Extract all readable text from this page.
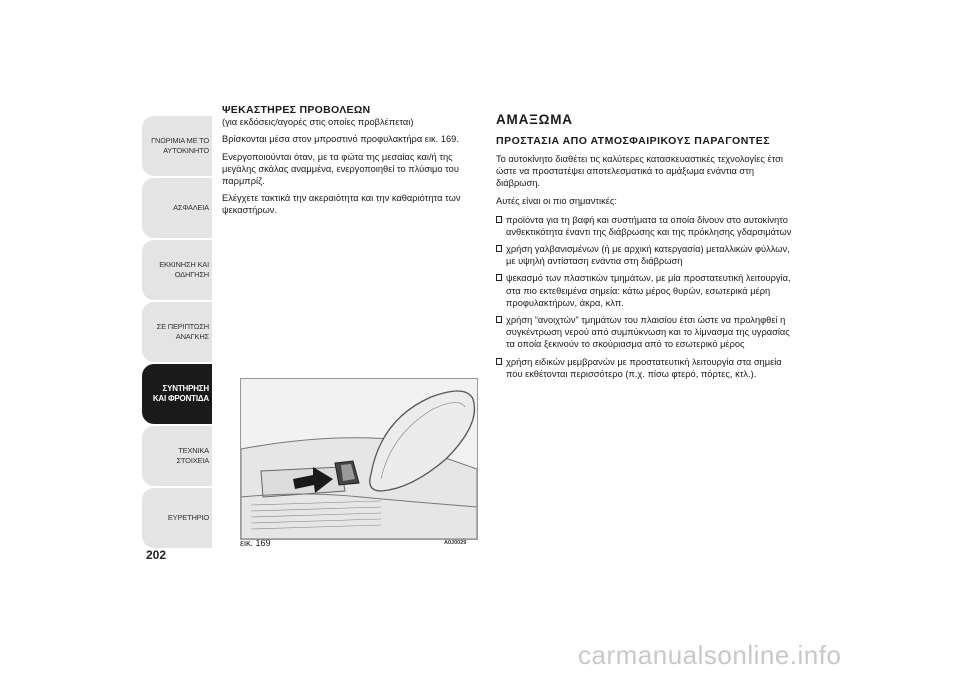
ΓΝΩΡΙΜΙΑ ΜΕ ΤΟ ΑΥΤΟΚΙΝΗΤΟ
ΑΣΦΑΛΕΙΑ
ΕΚΚΙΝΗΣΗ ΚΑΙ ΟΔΗΓΗΣΗ
ΣΕ ΠΕΡΙΠΤΩΣΗ ΑΝΑΓΚΗΣ
ΣΥΝΤΗΡΗΣΗ ΚΑΙ ΦΡΟΝΤΙΔΑ
ΤΕΧΝΙΚΑ ΣΤΟΙΧΕΙΑ
ΕΥΡΕΤΗΡΙΟ
202
ΨΕΚΑΣΤΗΡΕΣ ΠΡΟΒΟΛΕΩΝ

(για εκδόσεις/αγορές στις οποίες προβλέπεται)

Βρίσκονται μέσα στον μπροστινό προφυλακτήρα εικ. 169.

Ενεργοποιούνται όταν, με τα φώτα της μεσαίας και/ή της μεγάλης σκάλας αναμμένα, ενεργοποιηθεί το πλύσιμο του παρμπρίζ.

Ελέγχετε τακτικά την ακεραιότητα και την καθαριότητα των ψεκαστήρων.

εικ. 169	A0J0029
ΑΜΑΞΩΜΑ
ΠΡΟΣΤΑΣΙΑ ΑΠΟ ΑΤΜΟΣΦΑΙΡΙΚΟΥΣ ΠΑΡΑΓΟΝΤΕΣ

Το αυτοκίνητο διαθέτει τις καλύτερες κατασκευαστικές τεχνολογίες έτσι ώστε να προστατέψει αποτελεσματικά το αμάξωμα ενάντια στη διάβρωση.

Αυτές είναι οι πιο σημαντικές:

προϊόντα για τη βαφή και συστήματα τα οποία δίνουν στο αυτοκίνητο ανθεκτικότητα έναντι της διάβρωσης και της πρόκλησης γδαρσιμάτων
χρήση γαλβανισμένων (ή με αρχική κατεργασία) μεταλλικών φύλλων, με υψηλή αντίσταση ενάντια στη διάβρωση
ψεκασμό των πλαστικών τμημάτων, με μία προστατευτική λειτουργία, στα πιο εκτεθειμένα σημεία: κάτω μέρος θυρών, εσωτερικά μέρη προφυλακτήρων, άκρα, κλπ.
χρήση “ανοιχτών” τμημάτων του πλαισίου έτσι ώστε να προληφθεί η συγκέντρωση νερού από συμπύκνωση και το λίμνασμα της υγρασίας τα οποία ξεκινούν το σκούριασμα από το εσωτερικό μέρος
χρήση ειδικών μεμβρανών με προστατευτική λειτουργία στα σημεία που εκθέτονται περισσότερο (π.χ. πίσω φτερό, πόρτες, κτλ.).
carmanualsonline.info
